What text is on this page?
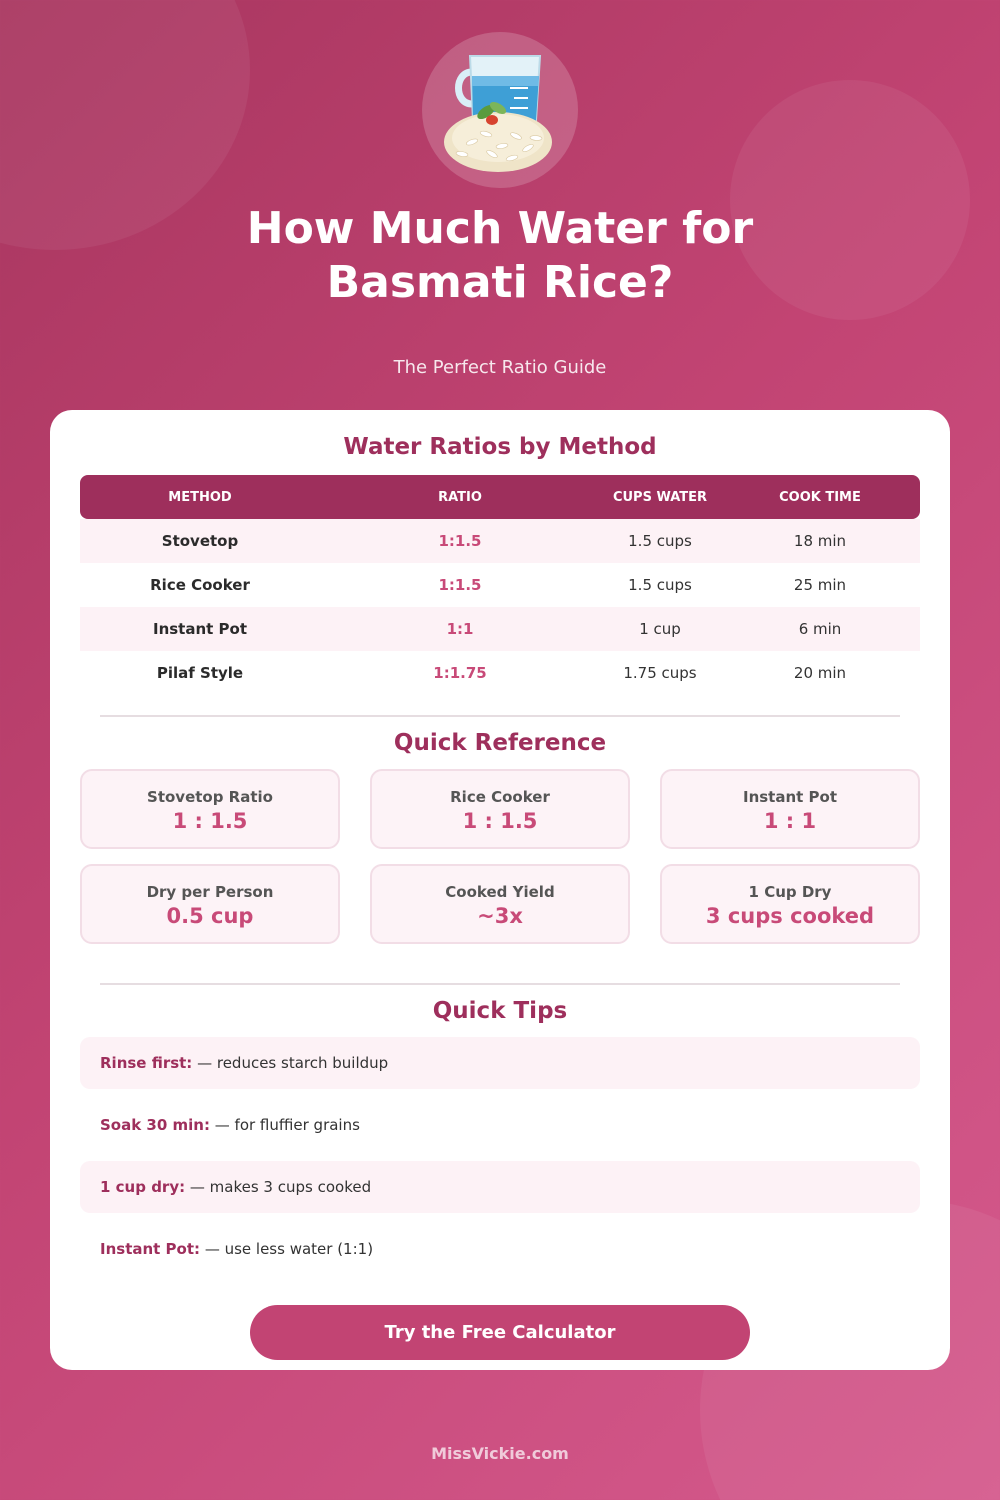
How Much Water for
Basmati Rice?
The Perfect Ratio Guide
Water Ratios by Method
METHOD	RATIO	CUPS WATER	COOK TIME
Stovetop	1:1.5	1.5 cups	18 min
Rice Cooker	1:1.5	1.5 cups	25 min
Instant Pot	1:1	1 cup	6 min
Pilaf Style	1:1.75	1.75 cups	20 min
Quick Reference
Stovetop Ratio
1 : 1.5
Rice Cooker
1 : 1.5
Instant Pot
1 : 1
Dry per Person
0.5 cup
Cooked Yield
~3x
1 Cup Dry
3 cups cooked
Quick Tips
Rinse first: — reduces starch buildup
Soak 30 min: — for fluffier grains
1 cup dry: — makes 3 cups cooked
Instant Pot: — use less water (1:1)
Try the Free Calculator
MissVickie.com
